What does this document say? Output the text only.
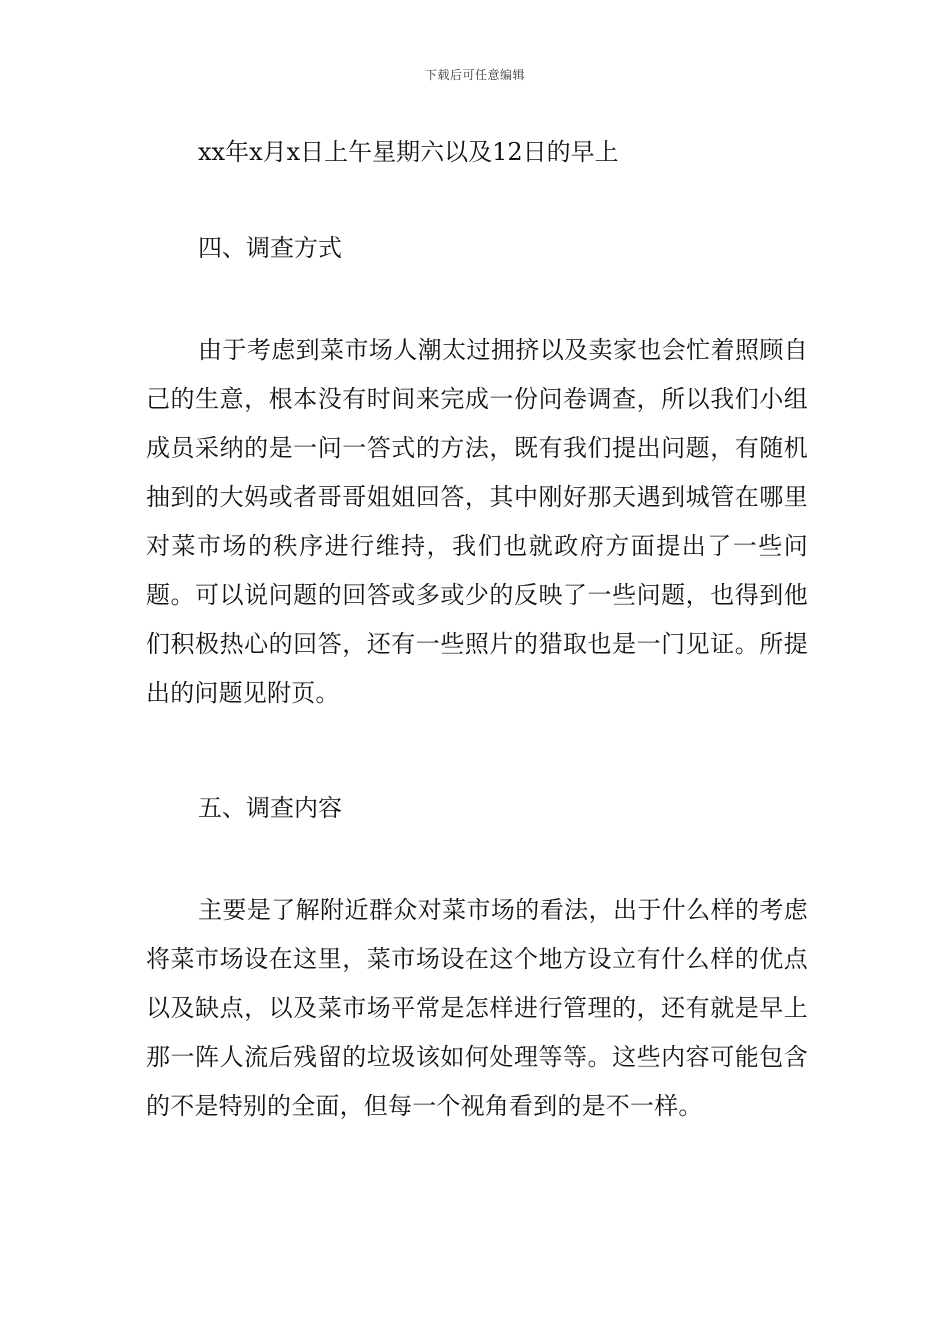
下载后可任意编辑

xx年x月x日上午星期六以及12日的早上

四、调查方式

由于考虑到菜市场人潮太过拥挤以及卖家也会忙着照顾自己的生意，根本没有时间来完成一份问卷调查，所以我们小组成员采纳的是一问一答式的方法，既有我们提出问题，有随机抽到的大妈或者哥哥姐姐回答，其中刚好那天遇到城管在哪里对菜市场的秩序进行维持，我们也就政府方面提出了一些问题。可以说问题的回答或多或少的反映了一些问题，也得到他们积极热心的回答，还有一些照片的猎取也是一门见证。所提出的问题见附页。

五、调查内容

主要是了解附近群众对菜市场的看法，出于什么样的考虑将菜市场设在这里，菜市场设在这个地方设立有什么样的优点以及缺点，以及菜市场平常是怎样进行管理的，还有就是早上那一阵人流后残留的垃圾该如何处理等等。这些内容可能包含的不是特别的全面，但每一个视角看到的是不一样。
